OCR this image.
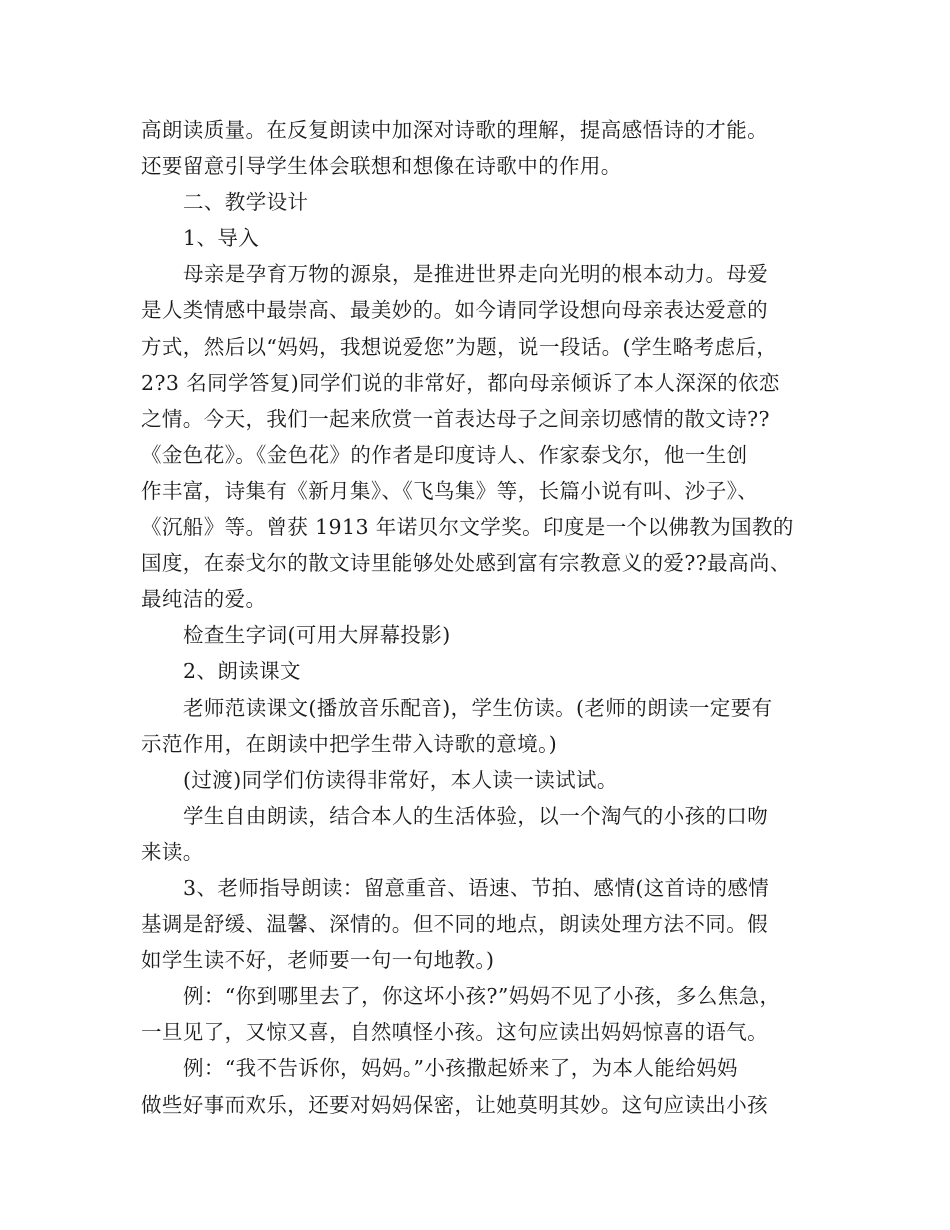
高朗读质量。在反复朗读中加深对诗歌的理解，提高感悟诗的才能。
还要留意引导学生体会联想和想像在诗歌中的作用。
二、教学设计
1、导入
母亲是孕育万物的源泉，是推进世界走向光明的根本动力。母爱
是人类情感中最崇高、最美妙的。如今请同学设想向母亲表达爱意的
方式，然后以“妈妈，我想说爱您”为题，说一段话。(学生略考虑后，
2?3 名同学答复)同学们说的非常好，都向母亲倾诉了本人深深的依恋
之情。今天，我们一起来欣赏一首表达母子之间亲切感情的散文诗??
《金色花》。《金色花》的作者是印度诗人、作家泰戈尔，他一生创
作丰富，诗集有《新月集》、《飞鸟集》等，长篇小说有叫、沙子》、
《沉船》等。曾获 1913 年诺贝尔文学奖。印度是一个以佛教为国教的
国度，在泰戈尔的散文诗里能够处处感到富有宗教意义的爱??最高尚、
最纯洁的爱。
检查生字词(可用大屏幕投影)
2、朗读课文
老师范读课文(播放音乐配音)，学生仿读。(老师的朗读一定要有
示范作用，在朗读中把学生带入诗歌的意境。)
(过渡)同学们仿读得非常好，本人读一读试试。
学生自由朗读，结合本人的生活体验，以一个淘气的小孩的口吻
来读。
3、老师指导朗读：留意重音、语速、节拍、感情(这首诗的感情
基调是舒缓、温馨、深情的。但不同的地点，朗读处理方法不同。假
如学生读不好，老师要一句一句地教。)
例：“你到哪里去了，你这坏小孩?”妈妈不见了小孩，多么焦急，
一旦见了，又惊又喜，自然嗔怪小孩。这句应读出妈妈惊喜的语气。
例：“我不告诉你，妈妈。”小孩撒起娇来了，为本人能给妈妈
做些好事而欢乐，还要对妈妈保密，让她莫明其妙。这句应读出小孩
